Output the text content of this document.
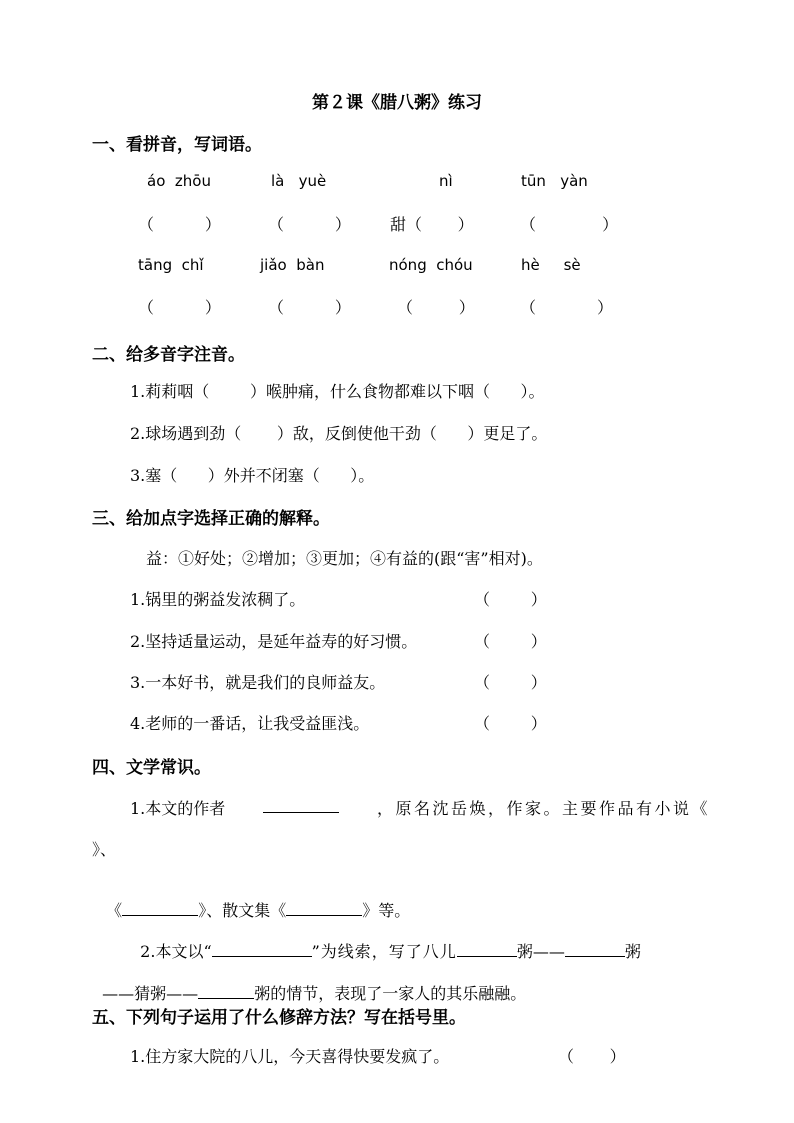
第２课《腊八粥》练习
一、看拼音，写词语。
áo  zhōu	là   yuè	nì	tūn   yàn
（          ）	（          ） 甜（       ）	（             ）
tāng  chǐ	jiǎo  bàn	nóng  chóu	hè     sè
（          ）	（          ）	（         ）	（            ）
二、给多音字注音。
1.莉莉咽（        ）喉肿痛，什么食物都难以下咽（      ）。
2.球场遇到劲（       ）敌，反倒使他干劲（      ）更足了。
3.塞（      ）外并不闭塞（      ）。
三、给加点字选择正确的解释。
益：①好处；②增加；③更加；④有益的(跟“害”相对)。
1.锅里的粥益发浓稠了。	（        ）
2.坚持适量运动，是延年益寿的好习惯。	（        ）
3.一本好书，就是我们的良师益友。	（        ）
4.老师的一番话，让我受益匪浅。	（        ）
四、文学常识。
1.本文的作者	，原名沈岳焕，作家。主要作品有小说《
》、

《	》、散文集《	》等。

2.本文以“	”为线索，写了八儿	粥——	粥

——猜粥——	粥的情节，表现了一家人的其乐融融。

五、下列句子运用了什么修辞方法？写在括号里。
1.住方家大院的八儿，今天喜得快要发疯了。	（       ）
